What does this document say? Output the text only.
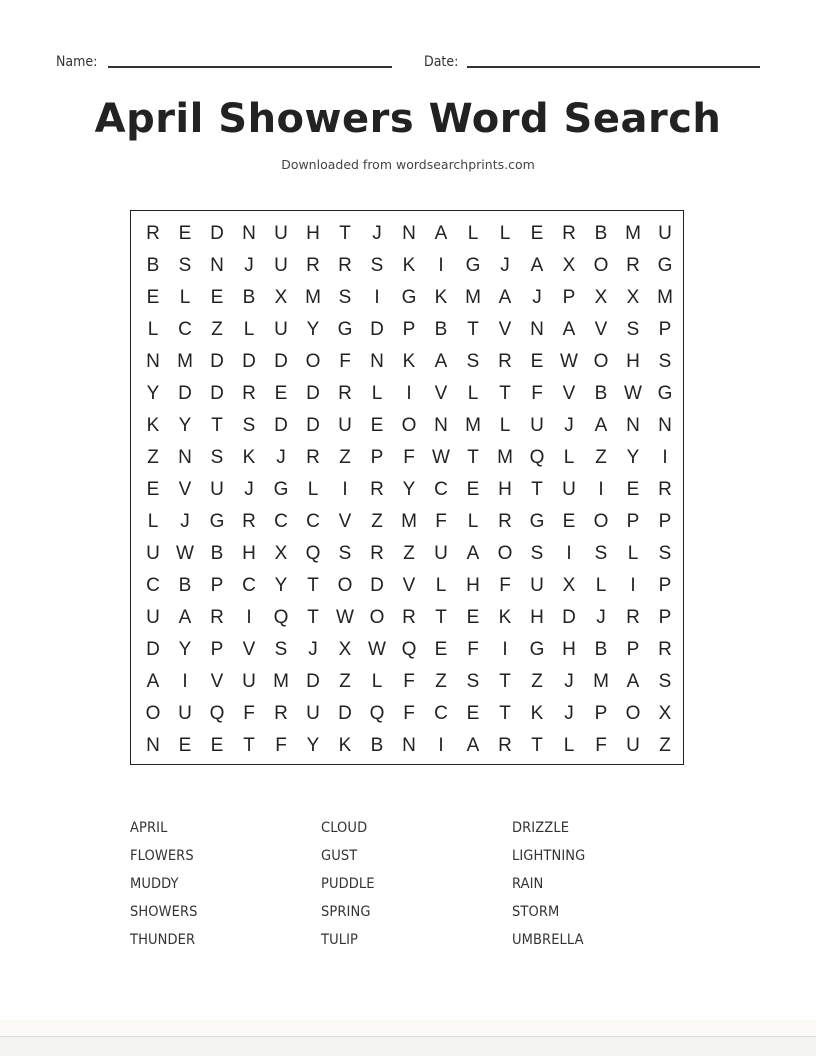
Name:	Date:
April Showers Word Search
Downloaded from wordsearchprints.com
R E D N U H	T	J	N A	L	L	E R B M U
B	S N	J	U R R S	K	I	G	J	A	X O R G
E	L	E	B	X M S	I	G K M A	J	P	X	X M
L	C	Z	L	U Y G D P	B	T	V N A	V	S	P
N M D D D O F	N K	A	S R E W O H S
Y D D R E D R	L	I	V	L	T	F	V	B W G
K	Y	T	S D D U E O N M L	U	J	A N N
Z	N S	K	J	R	Z	P	F W T M Q	L	Z	Y	I
E	V U	J	G	L	I	R Y C E H	T	U	I	E R
L	J	G R C C V	Z M F	L	R G E O P	P
U W B H X Q S R	Z	U A O S	I	S	L	S
C B	P C Y	T O D V	L	H	F	U X	L	I	P
U A R	I	Q T W O R	T	E	K H D	J	R P
D Y	P	V	S	J	X W Q E	F	I	G H B	P R
A	I	V U M D	Z	L	F	Z	S	T	Z	J	M A	S
O U Q F	R U D Q F	C E	T	K	J	P O X
N E	E	T	F	Y	K	B N	I	A R	T	L	F	U	Z
APRIL
FLOWERS
MUDDY
SHOWERS
THUNDER
CLOUD
GUST
PUDDLE
SPRING
TULIP
DRIZZLE
LIGHTNING
RAIN
STORM
UMBRELLA
